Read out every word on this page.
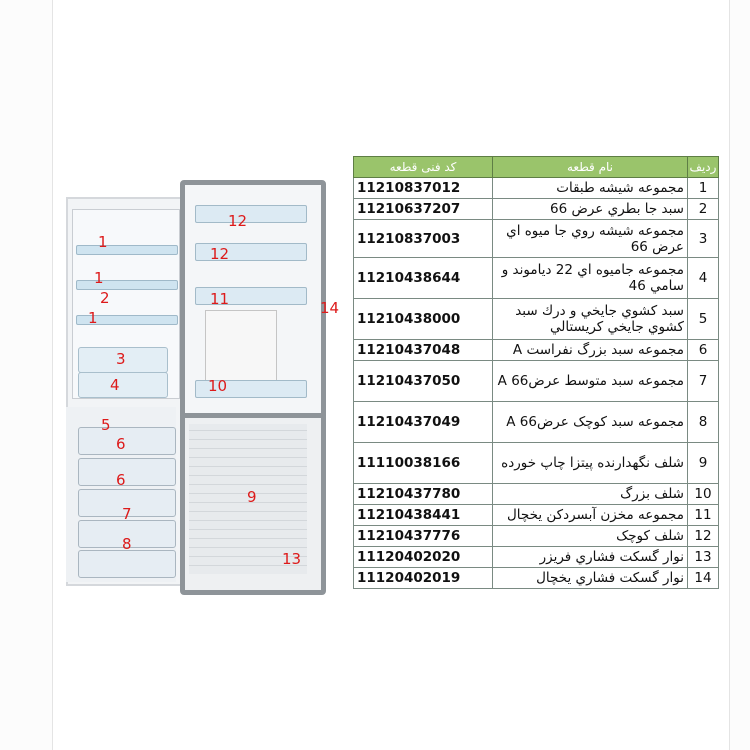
1
1
2
1
3
4
5
6
6
7
8
9
10
11
12
12
13
14
رديف	نام قطعه	کد فنی قطعه
1	مجموعه شيشه طبقات	11210837012
2	سبد جا بطري عرض 66	11210637207
3	مجموعه شيشه روي جا ميوه اي عرض 66	11210837003
4	مجموعه جاميوه اي 22 دياموند و سامي 46	11210438644
5	سبد کشوي جايخي و درك سبد کشوي جايخي کريستالي	11210438000
6	مجموعه سبد بزرگ نفراست A	11210437048
7	مجموعه سبد متوسط عرض66 A	11210437050
8	مجموعه سبد کوچک عرض66 A	11210437049
9	شلف نگهدارنده پيتزا چاپ خورده	11110038166
10	شلف بزرگ	11210437780
11	مجموعه مخزن آبسردکن يخچال	11210438441
12	شلف کوچک	11210437776
13	نوار گسكت فشاري فريزر	11120402020
14	نوار گسكت فشاري يخچال	11120402019
